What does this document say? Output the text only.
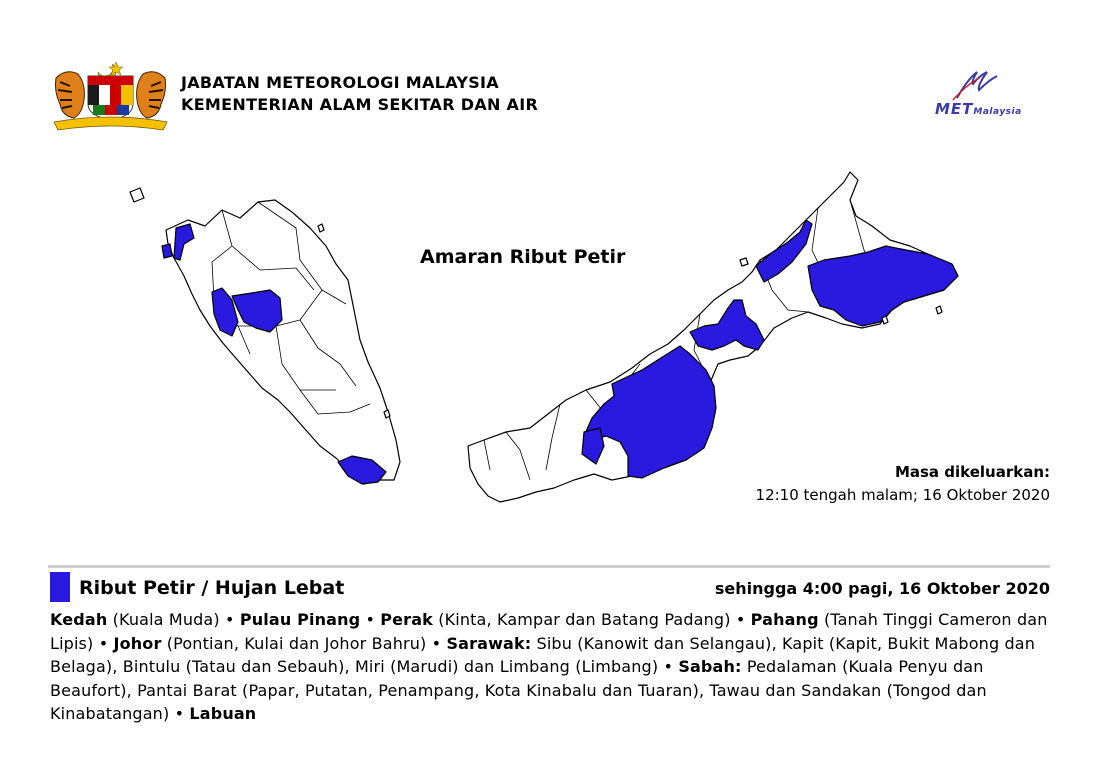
JABATAN METEOROLOGI MALAYSIA
KEMENTERIAN ALAM SEKITAR DAN AIR	METMalaysia
Amaran Ribut Petir
Masa dikeluarkan:
12:10 tengah malam; 16 Oktober 2020
Ribut Petir / Hujan Lebat	sehingga 4:00 pagi, 16 Oktober 2020
Kedah (Kuala Muda) • Pulau Pinang • Perak (Kinta, Kampar dan Batang Padang) • Pahang (Tanah Tinggi Cameron dan Lipis) • Johor (Pontian, Kulai dan Johor Bahru) • Sarawak: Sibu (Kanowit dan Selangau), Kapit (Kapit, Bukit Mabong dan Belaga), Bintulu (Tatau dan Sebauh), Miri (Marudi) dan Limbang (Limbang) • Sabah: Pedalaman (Kuala Penyu dan Beaufort), Pantai Barat (Papar, Putatan, Penampang, Kota Kinabalu dan Tuaran), Tawau dan Sandakan (Tongod dan Kinabatangan) • Labuan
